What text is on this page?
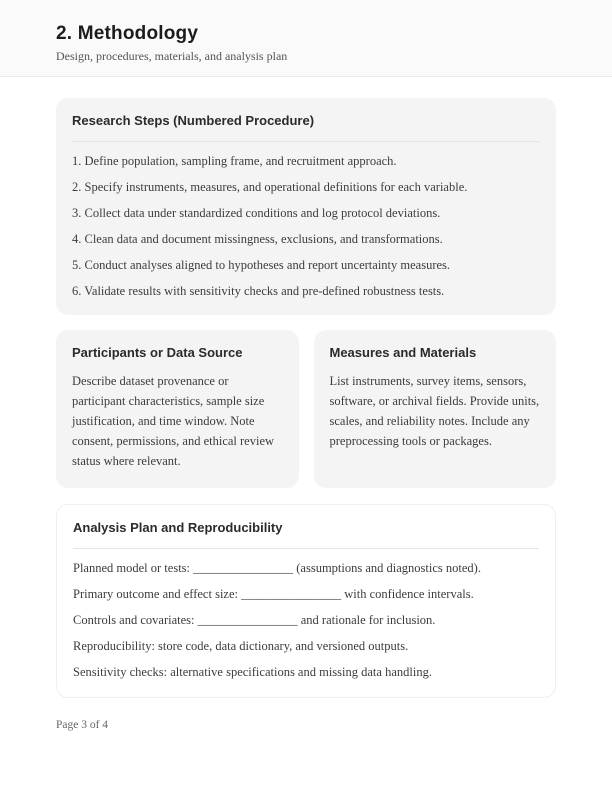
2. Methodology
Design, procedures, materials, and analysis plan
Research Steps (Numbered Procedure)
1. Define population, sampling frame, and recruitment approach.
2. Specify instruments, measures, and operational definitions for each variable.
3. Collect data under standardized conditions and log protocol deviations.
4. Clean data and document missingness, exclusions, and transformations.
5. Conduct analyses aligned to hypotheses and report uncertainty measures.
6. Validate results with sensitivity checks and pre-defined robustness tests.
Participants or Data Source
Describe dataset provenance or participant characteristics, sample size justification, and time window. Note consent, permissions, and ethical review status where relevant.
Measures and Materials
List instruments, survey items, sensors, software, or archival fields. Provide units, scales, and reliability notes. Include any preprocessing tools or packages.
Analysis Plan and Reproducibility
Planned model or tests: ________________ (assumptions and diagnostics noted).
Primary outcome and effect size: ________________ with confidence intervals.
Controls and covariates: ________________ and rationale for inclusion.
Reproducibility: store code, data dictionary, and versioned outputs.
Sensitivity checks: alternative specifications and missing data handling.
Page 3 of 4
